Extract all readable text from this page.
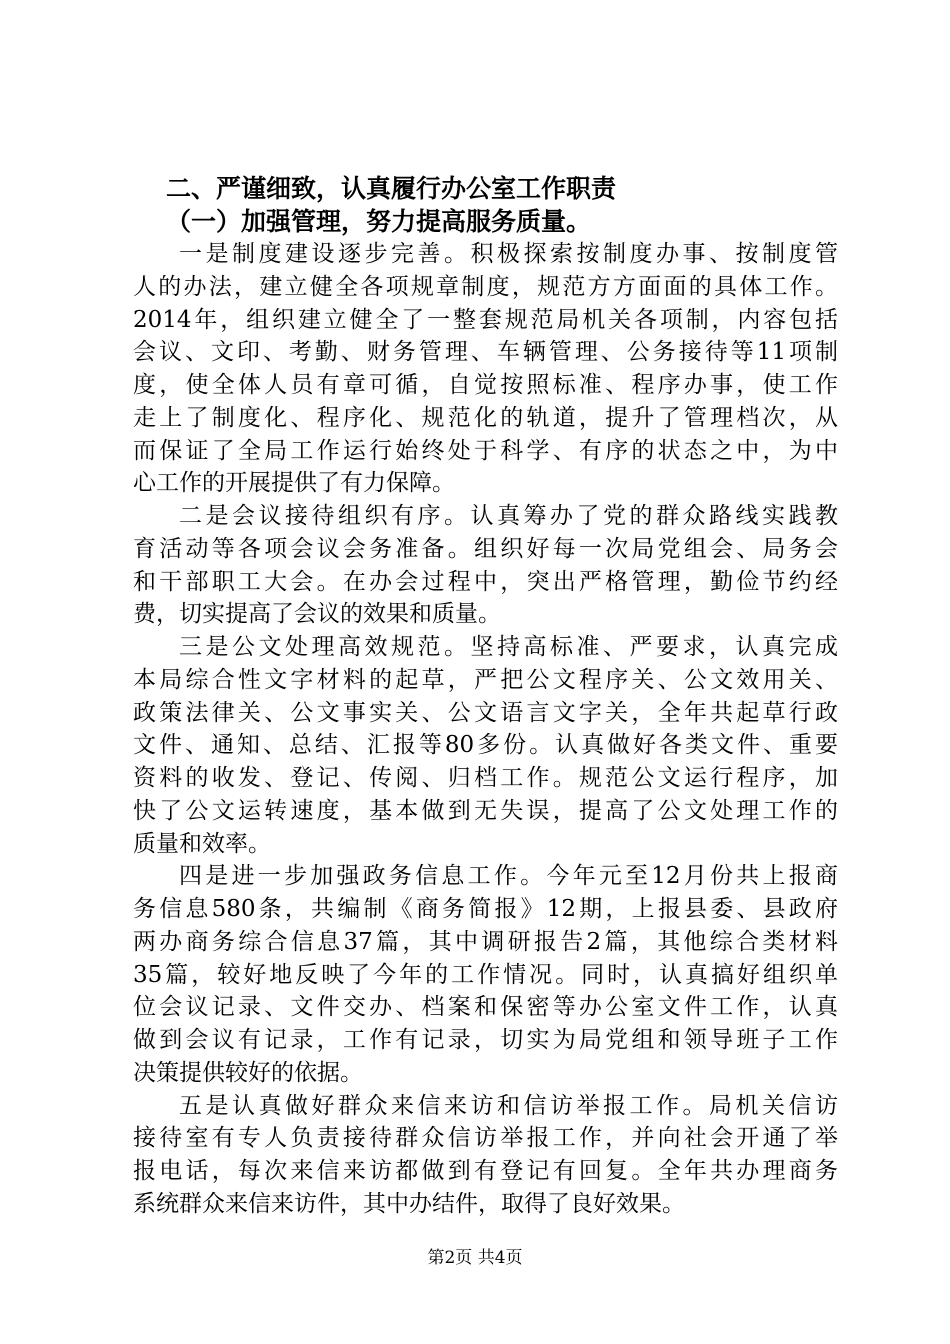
二、严谨细致，认真履行办公室工作职责
（一）加强管理，努力提高服务质量。

一是制度建设逐步完善。积极探索按制度办事、按制度管
人的办法，建立健全各项规章制度，规范方方面面的具体工作。
2014年，组织建立健全了一整套规范局机关各项制，内容包括
会议、文印、考勤、财务管理、车辆管理、公务接待等11项制
度，使全体人员有章可循，自觉按照标准、程序办事，使工作
走上了制度化、程序化、规范化的轨道，提升了管理档次，从
而保证了全局工作运行始终处于科学、有序的状态之中，为中
心工作的开展提供了有力保障。

二是会议接待组织有序。认真筹办了党的群众路线实践教
育活动等各项会议会务准备。组织好每一次局党组会、局务会
和干部职工大会。在办会过程中，突出严格管理，勤俭节约经
费，切实提高了会议的效果和质量。

三是公文处理高效规范。坚持高标准、严要求，认真完成
本局综合性文字材料的起草，严把公文程序关、公文效用关、
政策法律关、公文事实关、公文语言文字关，全年共起草行政
文件、通知、总结、汇报等80多份。认真做好各类文件、重要
资料的收发、登记、传阅、归档工作。规范公文运行程序，加
快了公文运转速度，基本做到无失误，提高了公文处理工作的
质量和效率。

四是进一步加强政务信息工作。今年元至12月份共上报商
务信息580条，共编制《商务简报》12期，上报县委、县政府
两办商务综合信息37篇，其中调研报告2篇，其他综合类材料
35篇，较好地反映了今年的工作情况。同时，认真搞好组织单
位会议记录、文件交办、档案和保密等办公室文件工作，认真
做到会议有记录，工作有记录，切实为局党组和领导班子工作
决策提供较好的依据。

五是认真做好群众来信来访和信访举报工作。局机关信访
接待室有专人负责接待群众信访举报工作，并向社会开通了举
报电话，每次来信来访都做到有登记有回复。全年共办理商务
系统群众来信来访件，其中办结件，取得了良好效果。

第2页 共4页
